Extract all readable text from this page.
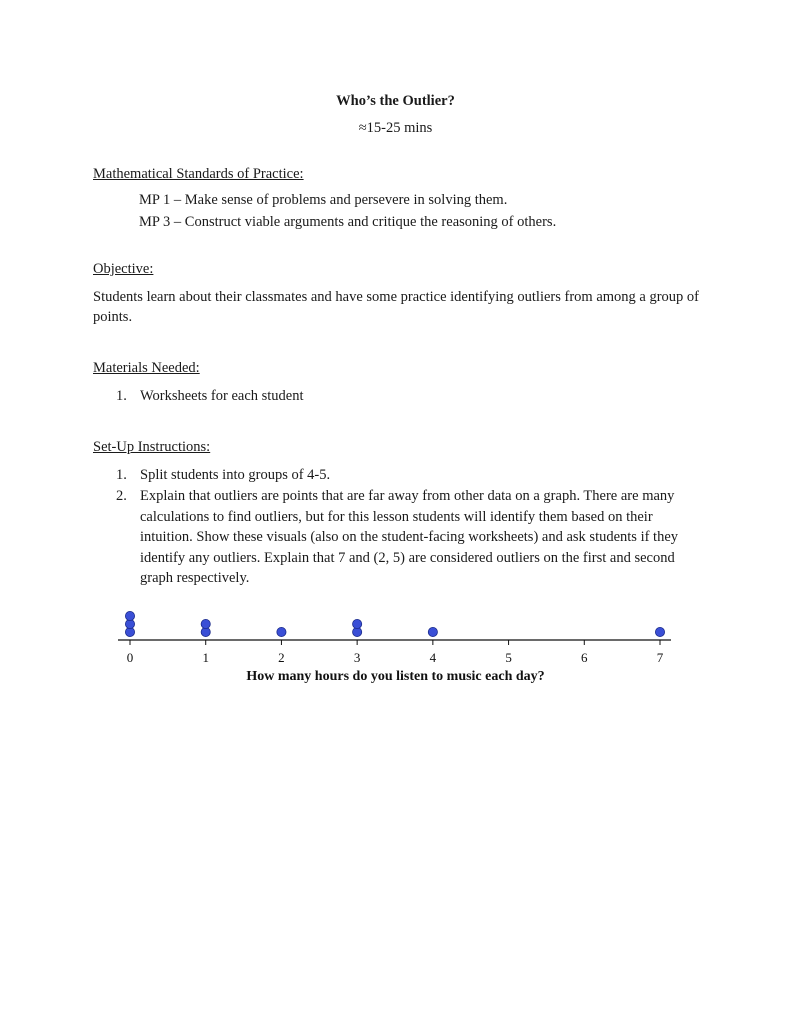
Who’s the Outlier?
≈15-25 mins
Mathematical Standards of Practice:
MP 1 – Make sense of problems and persevere in solving them.
MP 3 – Construct viable arguments and critique the reasoning of others.
Objective:
Students learn about their classmates and have some practice identifying outliers from among a group of points.
Materials Needed:
1. Worksheets for each student
Set-Up Instructions:
1. Split students into groups of 4-5.
2. Explain that outliers are points that are far away from other data on a graph. There are many calculations to find outliers, but for this lesson students will identify them based on their intuition. Show these visuals (also on the student-facing worksheets) and ask students if they identify any outliers. Explain that 7 and (2, 5) are considered outliers on the first and second graph respectively.
0	1	2	3	4	5	6	7
How many hours do you listen to music each day?
